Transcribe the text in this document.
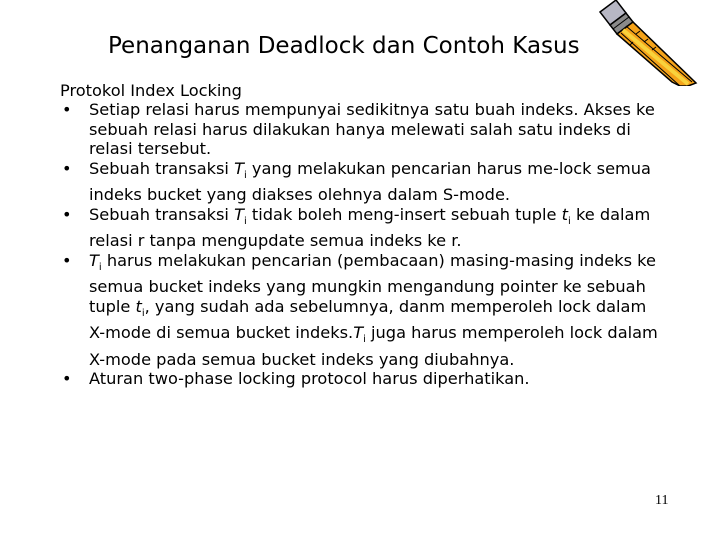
Penanganan Deadlock dan Contoh Kasus

Protokol Index Locking

• Setiap relasi harus mempunyai sedikitnya satu buah indeks. Akses ke sebuah relasi harus dilakukan hanya melewati salah satu indeks di relasi tersebut.
• Sebuah transaksi $T_i$ yang melakukan pencarian harus me-lock semua indeks bucket yang diakses olehnya dalam S-mode.
• Sebuah transaksi $T_i$ tidak boleh meng-insert sebuah tuple $t_i$ ke dalam relasi r tanpa mengupdate semua indeks ke r.
• $T_i$ harus melakukan pencarian (pembacaan) masing-masing indeks ke semua bucket indeks yang mungkin mengandung pointer ke sebuah tuple $t_i$, yang sudah ada sebelumnya, danm memperoleh lock dalam X-mode di semua bucket $indeks.T_i$ juga harus memperoleh lock dalam X-mode pada semua bucket indeks yang diubahnya.
• Aturan two-phase locking protocol harus diperhatikan.
11
